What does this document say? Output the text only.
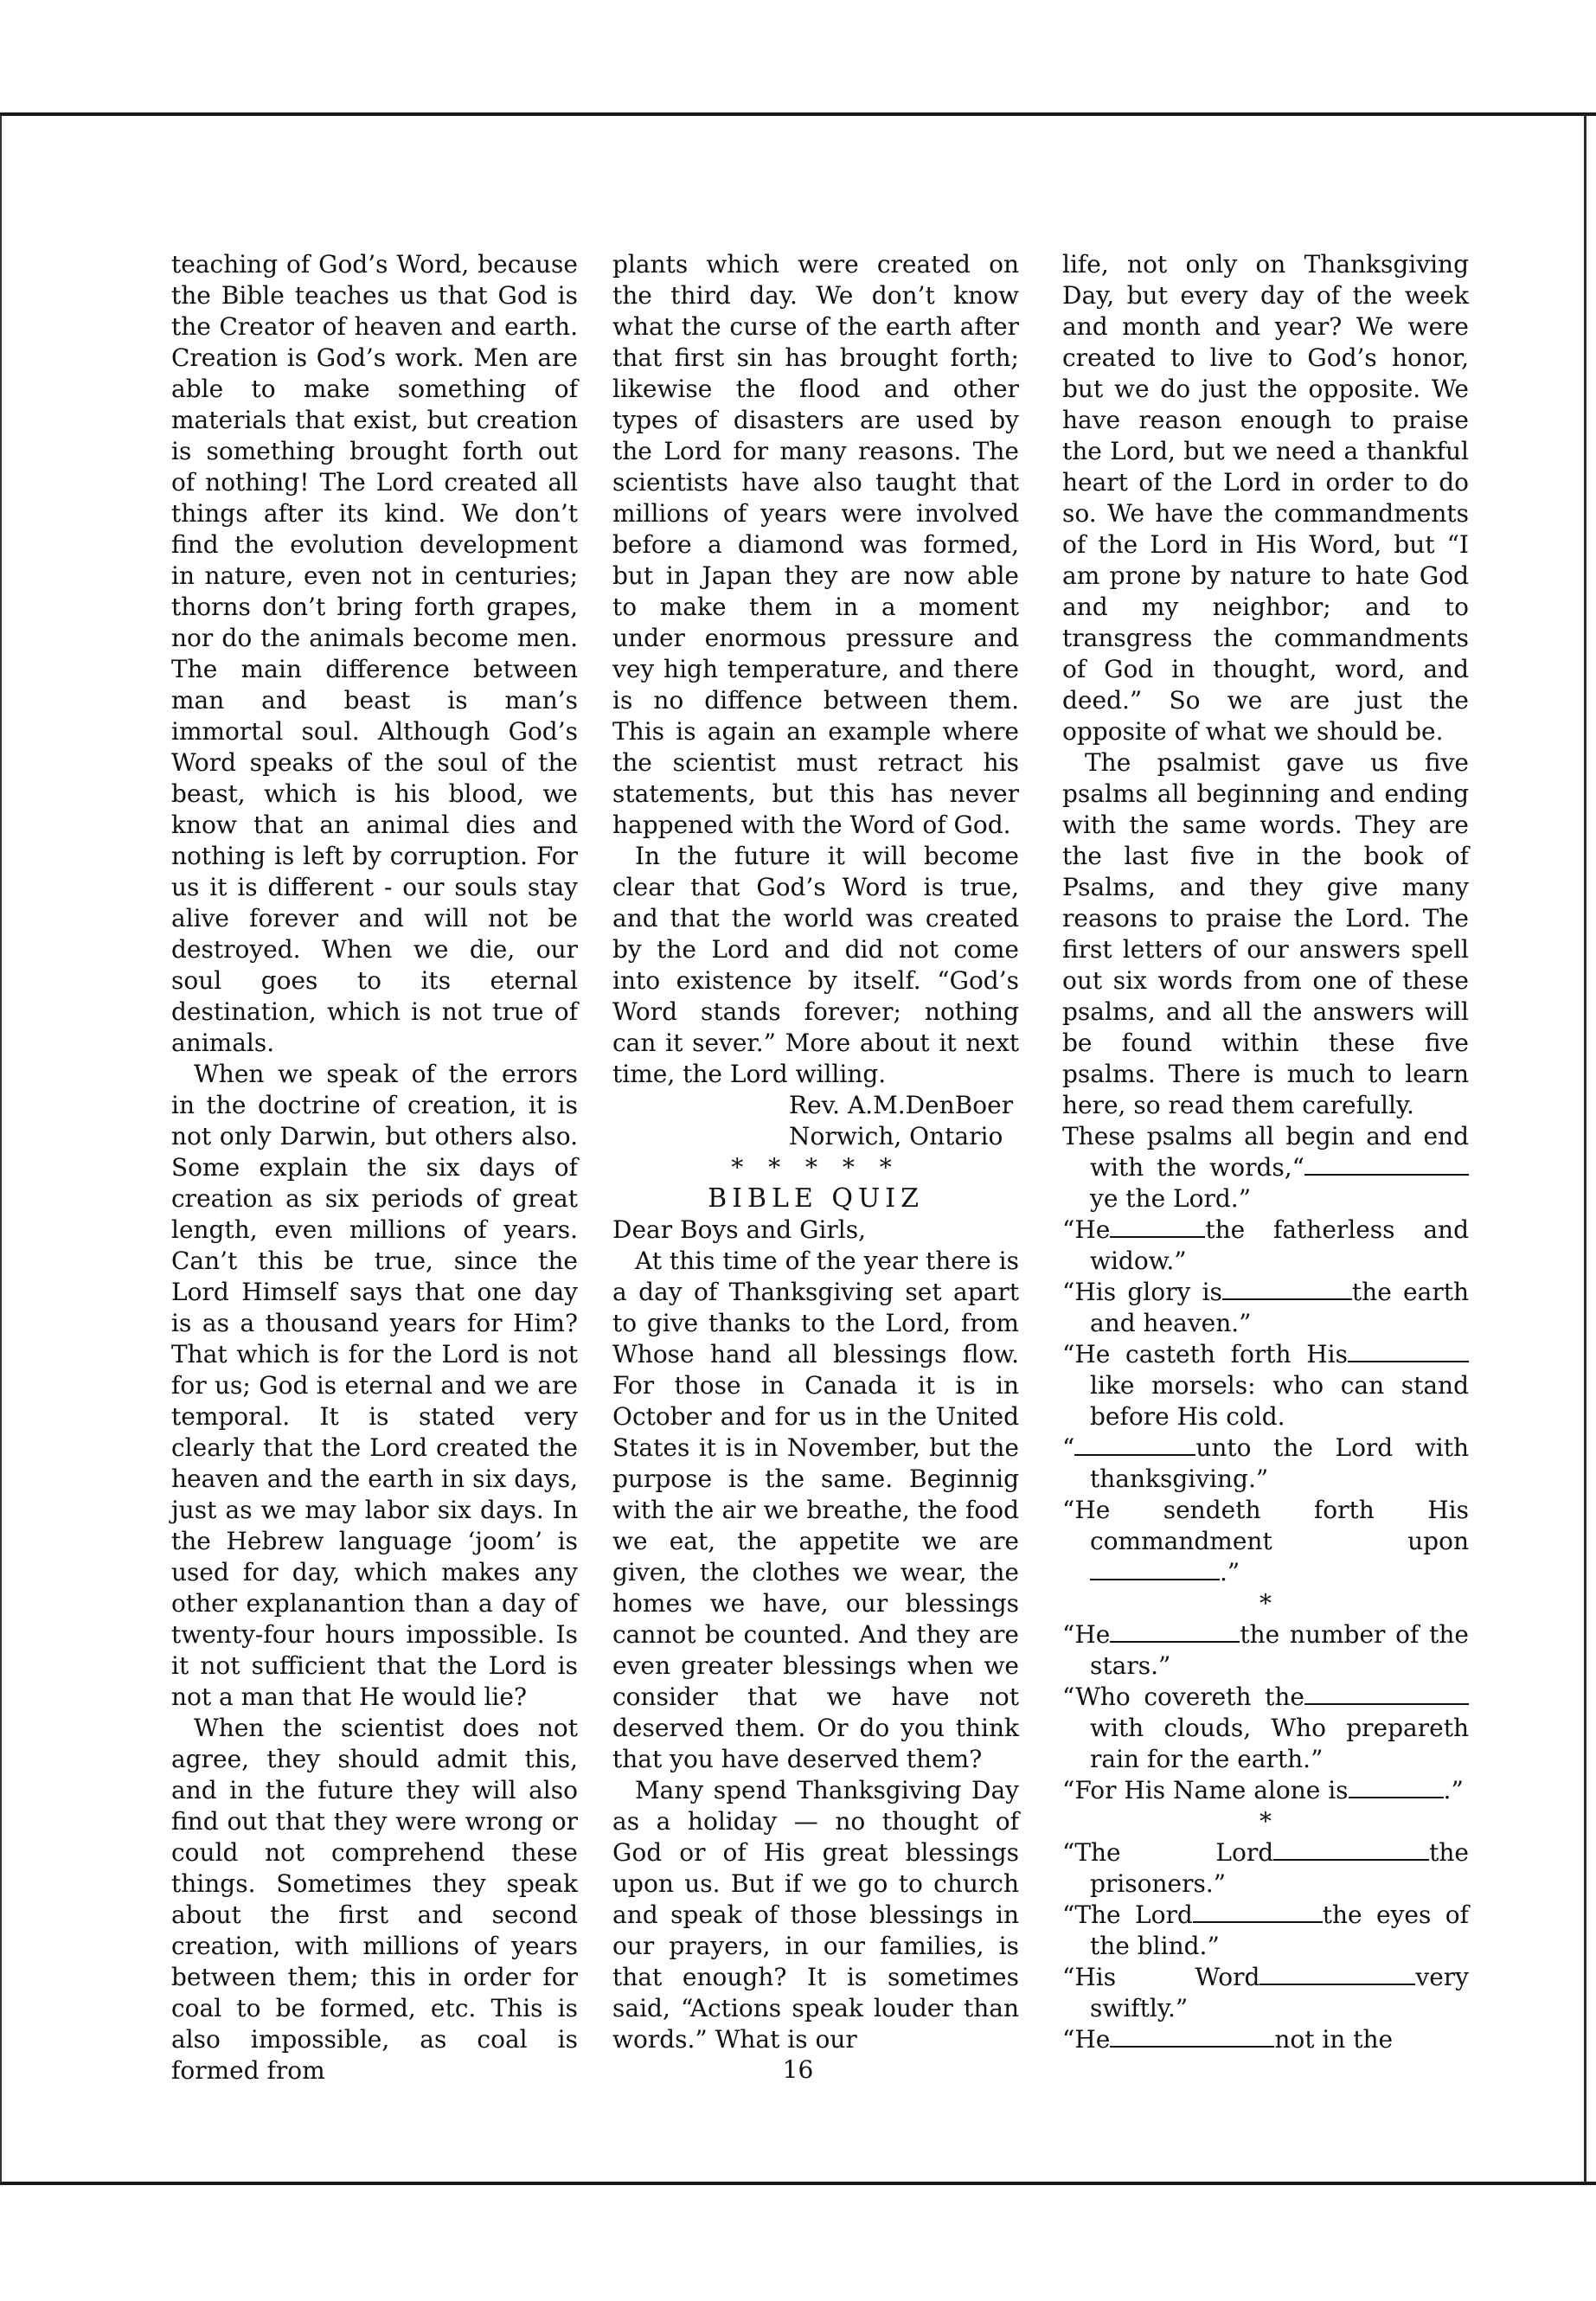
teaching of God’s Word, because the Bible teaches us that God is the Creator of heaven and earth. Creation is God’s work. Men are able to make something of materials that exist, but creation is something brought forth out of nothing! The Lord created all things after its kind. We don’t find the evolution development in nature, even not in centuries; thorns don’t bring forth grapes, nor do the animals become men. The main difference between man and beast is man’s immortal soul. Although God’s Word speaks of the soul of the beast, which is his blood, we know that an animal dies and nothing is left by corruption. For us it is different - our souls stay alive forever and will not be destroyed. When we die, our soul goes to its eternal destination, which is not true of animals.

When we speak of the errors in the doctrine of creation, it is not only Darwin, but others also. Some explain the six days of creation as six periods of great length, even millions of years. Can’t this be true, since the Lord Himself says that one day is as a thousand years for Him? That which is for the Lord is not for us; God is eternal and we are temporal. It is stated very clearly that the Lord created the heaven and the earth in six days, just as we may labor six days. In the Hebrew language ‘joom’ is used for day, which makes any other explanantion than a day of twenty-four hours impossible. Is it not sufficient that the Lord is not a man that He would lie?

When the scientist does not agree, they should admit this, and in the future they will also find out that they were wrong or could not comprehend these things. Sometimes they speak about the first and second creation, with millions of years between them; this in order for coal to be formed, etc. This is also impossible, as coal is formed from

plants which were created on the third day. We don’t know what the curse of the earth after that first sin has brought forth; likewise the flood and other types of disasters are used by the Lord for many reasons. The scientists have also taught that millions of years were involved before a diamond was formed, but in Japan they are now able to make them in a moment under enormous pressure and vey high temperature, and there is no diffence between them. This is again an example where the scientist must retract his statements, but this has never happened with the Word of God.

In the future it will become clear that God’s Word is true, and that the world was created by the Lord and did not come into existence by itself. “God’s Word stands forever; nothing can it sever.” More about it next time, the Lord willing.

Rev. A.M.DenBoer

Norwich, Ontario

* * * * *

BIBLE QUIZ

Dear Boys and Girls,

At this time of the year there is a day of Thanksgiving set apart to give thanks to the Lord, from Whose hand all blessings flow. For those in Canada it is in October and for us in the United States it is in November, but the purpose is the same. Beginnig with the air we breathe, the food we eat, the appetite we are given, the clothes we wear, the homes we have, our blessings cannot be counted. And they are even greater blessings when we consider that we have not deserved them. Or do you think that you have deserved them?

Many spend Thanksgiving Day as a holiday — no thought of God or of His great blessings upon us. But if we go to church and speak of those blessings in our prayers, in our families, is that enough? It is sometimes said, “Actions speak louder than words.” What is our

life, not only on Thanksgiving Day, but every day of the week and month and year? We were created to live to God’s honor, but we do just the opposite. We have reason enough to praise the Lord, but we need a thankful heart of the Lord in order to do so. We have the commandments of the Lord in His Word, but “I am prone by nature to hate God and my neighbor; and to transgress the commandments of God in thought, word, and deed.” So we are just the opposite of what we should be.

The psalmist gave us five psalms all beginning and ending with the same words. They are the last five in the book of Psalms, and they give many reasons to praise the Lord. The first letters of our answers spell out six words from one of these psalms, and all the answers will be found within these five psalms. There is much to learn here, so read them carefully.

These psalms all begin and end with the words,“ ye the Lord.”

“He	the fatherless and widow.”

“His glory is	the earth and heaven.”

“He casteth forth His like morsels: who can stand before His cold.

“	unto the Lord with thanksgiving.”

“He sendeth forth His commandment upon.”

*

“He	the number of the stars.”

“Who covereth the with clouds, Who prepareth rain for the earth.”

“For His Name alone is	.”

*

“The Lord	the prisoners.”

“The Lord	the eyes of the blind.”

“His Word	very swiftly.”

“He	not in the

16
